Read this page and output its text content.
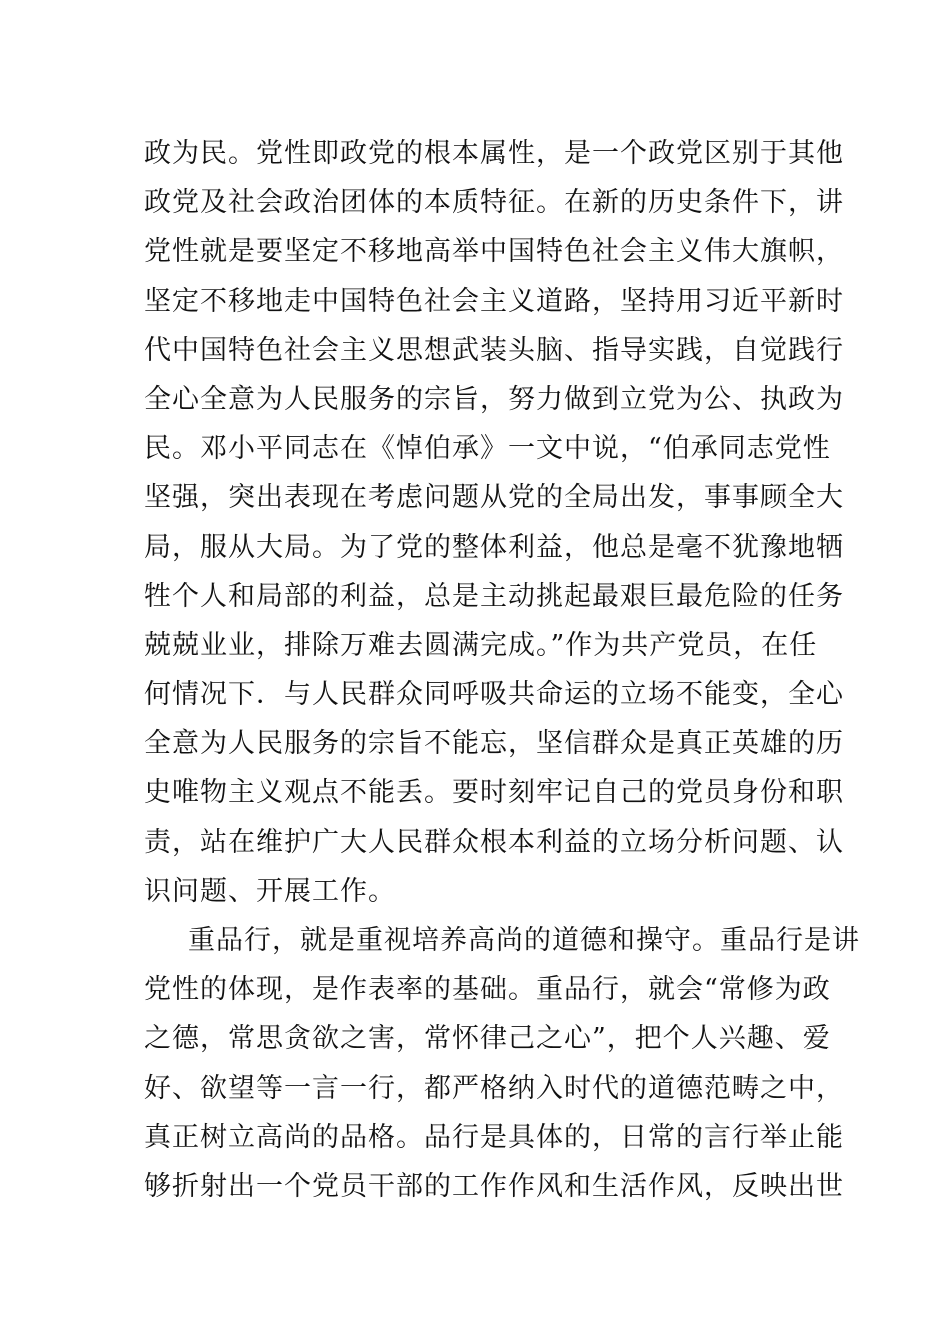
政为民。党性即政党的根本属性，是一个政党区别于其他
政党及社会政治团体的本质特征。在新的历史条件下，讲
党性就是要坚定不移地高举中国特色社会主义伟大旗帜，
坚定不移地走中国特色社会主义道路，坚持用习近平新时
代中国特色社会主义思想武装头脑、指导实践，自觉践行
全心全意为人民服务的宗旨，努力做到立党为公、执政为
民。邓小平同志在《悼伯承》一文中说，“伯承同志党性
坚强，突出表现在考虑问题从党的全局出发，事事顾全大
局，服从大局。为了党的整体利益，他总是毫不犹豫地牺
牲个人和局部的利益，总是主动挑起最艰巨最危险的任务
兢兢业业，排除万难去圆满完成。”作为共产党员，在任
何情况下．与人民群众同呼吸共命运的立场不能变，全心
全意为人民服务的宗旨不能忘，坚信群众是真正英雄的历
史唯物主义观点不能丢。要时刻牢记自己的党员身份和职
责，站在维护广大人民群众根本利益的立场分析问题、认
识问题、开展工作。
重品行，就是重视培养高尚的道德和操守。重品行是讲
党性的体现，是作表率的基础。重品行，就会“常修为政
之德，常思贪欲之害，常怀律己之心”，把个人兴趣、爱
好、欲望等一言一行，都严格纳入时代的道德范畴之中，
真正树立高尚的品格。品行是具体的，日常的言行举止能
够折射出一个党员干部的工作作风和生活作风，反映出世
